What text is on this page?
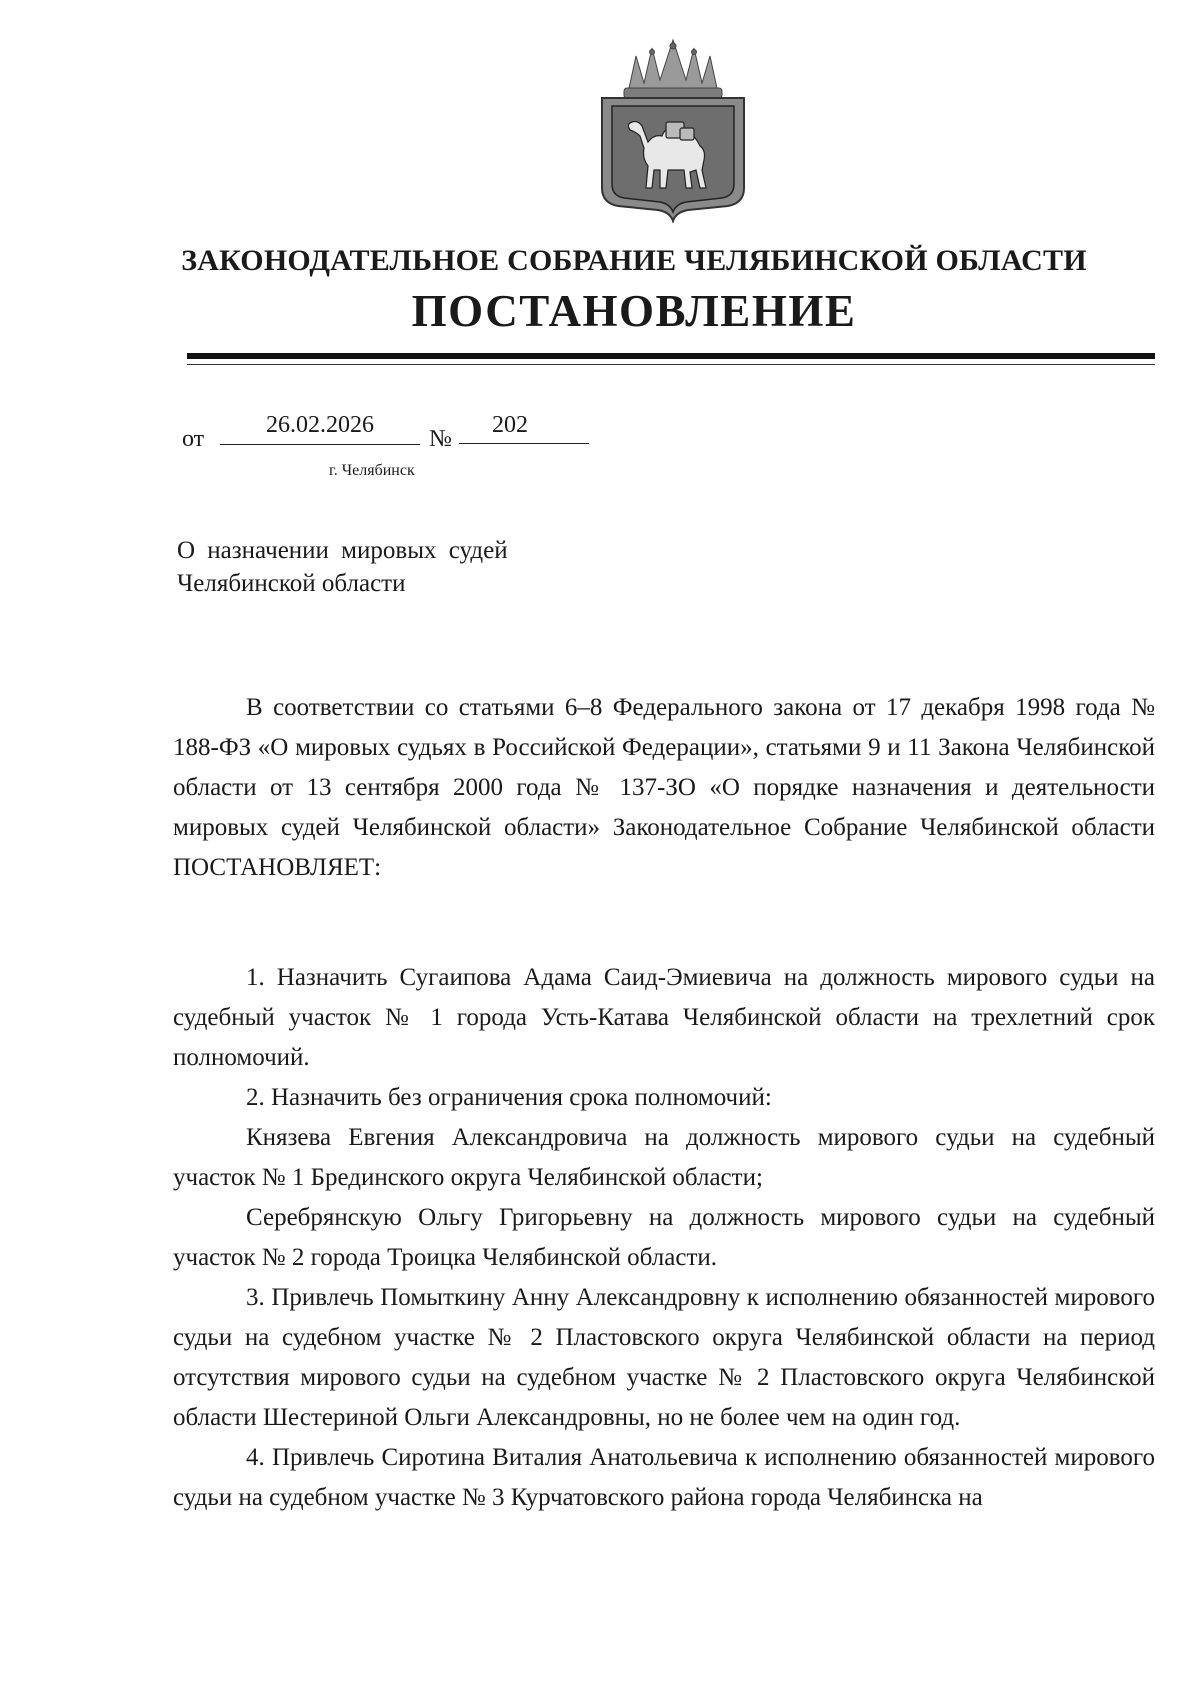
ЗАКОНОДАТЕЛЬНОЕ СОБРАНИЕ ЧЕЛЯБИНСКОЙ ОБЛАСТИ
ПОСТАНОВЛЕНИЕ
от
26.02.2026
№
202
г. Челябинск
О назначении мировых судей
Челябинской области

В соответствии со статьями 6–8 Федерального закона от 17 декабря 1998 года № 188-ФЗ «О мировых судьях в Российской Федерации», статьями 9 и 11 Закона Челябинской области от 13 сентября 2000 года № 137-ЗО «О порядке назначения и деятельности мировых судей Челябинской области» Законодательное Собрание Челябинской области ПОСТАНОВЛЯЕТ:

1. Назначить Сугаипова Адама Саид-Эмиевича на должность мирового судьи на судебный участок № 1 города Усть-Катава Челябинской области на трехлетний срок полномочий.

2. Назначить без ограничения срока полномочий:

Князева Евгения Александровича на должность мирового судьи на судебный участок № 1 Брединского округа Челябинской области;

Серебрянскую Ольгу Григорьевну на должность мирового судьи на судебный участок № 2 города Троицка Челябинской области.

3. Привлечь Помыткину Анну Александровну к исполнению обязанностей мирового судьи на судебном участке № 2 Пластовского округа Челябинской области на период отсутствия мирового судьи на судебном участке № 2 Пластовского округа Челябинской области Шестериной Ольги Александровны, но не более чем на один год.

4. Привлечь Сиротина Виталия Анатольевича к исполнению обязанностей мирового судьи на судебном участке № 3 Курчатовского района города Челябинска на
